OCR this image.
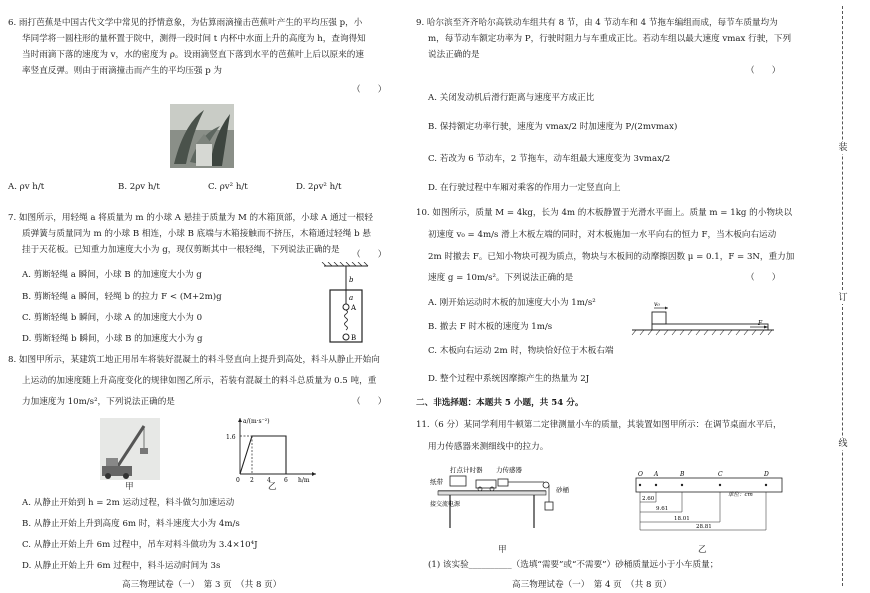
6. 雨打芭蕉是中国古代文学中常见的抒情意象，为估算雨滴撞击芭蕉叶产生的平均压强 p，小
华同学将一圆柱形的量杯置于院中，测得一段时间 t 内杯中水面上升的高度为 h，查询得知
当时雨滴下落的速度为 v，水的密度为 ρ。设雨滴竖直下落到水平的芭蕉叶上后以原来的速
率竖直反弹。则由于雨滴撞击而产生的平均压强 p 为
（　　）
A. ρv h/t	B. 2ρv h/t	C. ρv² h/t	D. 2ρv² h/t
7. 如图所示，用轻绳 a 将质量为 m 的小球 A 悬挂于质量为 M 的木箱顶部，小球 A 通过一根轻
质弹簧与质量同为 m 的小球 B 相连，小球 B 底端与木箱接触而不挤压，木箱通过轻绳 b 悬
挂于天花板。已知重力加速度大小为 g，现仅剪断其中一根轻绳，下列说法正确的是 （　　）
A. 剪断轻绳 a 瞬间，小球 B 的加速度大小为 g
B. 剪断轻绳 a 瞬间，轻绳 b 的拉力 F < (M+2m)g
C. 剪断轻绳 b 瞬间，小球 A 的加速度大小为 0
D. 剪断轻绳 b 瞬间，小球 B 的加速度大小为 g
b
a
A
B
8. 如图甲所示，某建筑工地正用吊车将装好混凝土的料斗竖直向上提升到高处，料斗从静止开始向
上运动的加速度随上升高度变化的规律如图乙所示，若装有混凝土的料斗总质量为 0.5 吨，重
力加速度为 10m/s²，下列说法正确的是	（　　）
甲
a/(m·s⁻²)
1.6
0 2 4 6 h/m
乙
A. 从静止开始到 h = 2m 运动过程，料斗做匀加速运动
B. 从静止开始上升到高度 6m 时，料斗速度大小为 4m/s
C. 从静止开始上升 6m 过程中，吊车对料斗做功为 3.4×10⁴J
D. 从静止开始上升 6m 过程中，料斗运动时间为 3s
高三物理试卷（一）　第 3 页　（共 8 页）
9. 哈尔滨至齐齐哈尔高铁动车组共有 8 节，由 4 节动车和 4 节拖车编组而成，每节车质量均为
m，每节动车额定功率为 P，行驶时阻力与车重成正比。若动车组以最大速度 vmax 行驶，下列
说法正确的是
（　　）
A. 关闭发动机后滑行距离与速度平方成正比
B. 保持额定功率行驶，速度为 vmax/2 时加速度为 P/(2mvmax)
C. 若改为 6 节动车，2 节拖车，动车组最大速度变为 3vmax/2
D. 在行驶过程中车厢对乘客的作用力一定竖直向上
10. 如图所示，质量 M = 4kg，长为 4m 的木板静置于光滑水平面上。质量 m = 1kg 的小物块以
初速度 v₀ = 4m/s 滑上木板左端的同时，对木板施加一水平向右的恒力 F，当木板向右运动
2m 时撤去 F。已知小物块可视为质点，物块与木板间的动摩擦因数 μ = 0.1，F = 3N，重力加
速度 g = 10m/s²。下列说法正确的是	（　　）
A. 刚开始运动时木板的加速度大小为 1m/s²
B. 撤去 F 时木板的速度为 1m/s
C. 木板向右运动 2m 时，物块恰好位于木板右端
D. 整个过程中系统因摩擦产生的热量为 2J
v₀
F
二、非选择题：本题共 5 小题，共 54 分。
11.（6 分）某同学利用牛顿第二定律测量小车的质量，其装置如图甲所示：在调节桌面水平后，
用力传感器来测细线中的拉力。
打点计时器 力传感器
纸带
砂桶
接交流电源
甲
O A	B	C	D
单位：cm
2.60
9.61
18.01
28.81
乙
(1) 该实验__________（选填“需要”或“不需要”）砂桶质量远小于小车质量；
高三物理试卷（一）　第 4 页　（共 8 页）
装
订
线
